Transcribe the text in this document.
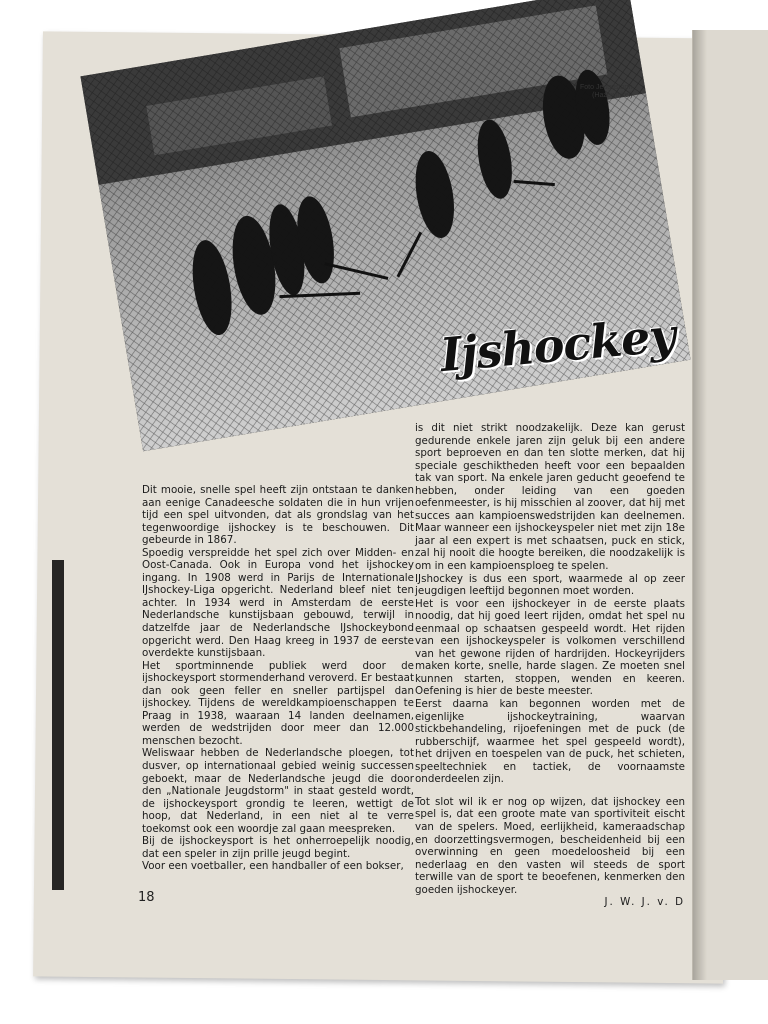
Foto Jeugdstorm
(Hazewinkel)
Ijshockey

Dit mooie, snelle spel heeft zijn ontstaan te danken aan eenige Canadeesche soldaten die in hun vrijen tijd een spel uitvonden, dat als grondslag van het tegenwoordige ijshockey is te beschouwen. Dit gebeurde in 1867.

Spoedig verspreidde het spel zich over Midden- en Oost-Canada. Ook in Europa vond het ijshockey ingang. In 1908 werd in Parijs de Internationale IJshockey-Liga opgericht. Nederland bleef niet ten achter. In 1934 werd in Amsterdam de eerste Nederlandsche kunstijsbaan gebouwd, terwijl in datzelfde jaar de Nederlandsche IJshockeybond opgericht werd. Den Haag kreeg in 1937 de eerste overdekte kunstijsbaan.

Het sportminnende publiek werd door de ijshockeysport stormenderhand veroverd. Er bestaat dan ook geen feller en sneller partijspel dan ijshockey. Tijdens de wereldkampioenschappen te Praag in 1938, waaraan 14 landen deelnamen, werden de wedstrijden door meer dan 12.000 menschen bezocht.

Weliswaar hebben de Nederlandsche ploegen, tot dusver, op internationaal gebied weinig successen geboekt, maar de Nederlandsche jeugd die door den „Nationale Jeugdstorm" in staat gesteld wordt, de ijshockeysport grondig te leeren, wettigt de hoop, dat Nederland, in een niet al te verre toekomst ook een woordje zal gaan meespreken.

Bij de ijshockeysport is het onherroepelijk noodig, dat een speler in zijn prille jeugd begint.

Voor een voetballer, een handballer of een bokser,

is dit niet strikt noodzakelijk. Deze kan gerust gedurende enkele jaren zijn geluk bij een andere sport beproeven en dan ten slotte merken, dat hij speciale geschiktheden heeft voor een bepaalden tak van sport. Na enkele jaren geducht geoefend te hebben, onder leiding van een goeden oefenmeester, is hij misschien al zoover, dat hij met succes aan kampioenswedstrijden kan deelnemen. Maar wanneer een ijshockeyspeler niet met zijn 18e jaar al een expert is met schaatsen, puck en stick, zal hij nooit die hoogte bereiken, die noodzakelijk is om in een kampioensploeg te spelen.

IJshockey is dus een sport, waarmede al op zeer jeugdigen leeftijd begonnen moet worden.

Het is voor een ijshockeyer in de eerste plaats noodig, dat hij goed leert rijden, omdat het spel nu eenmaal op schaatsen gespeeld wordt. Het rijden van een ijshockeyspeler is volkomen verschillend van het gewone rijden of hardrijden. Hockeyrijders maken korte, snelle, harde slagen. Ze moeten snel kunnen starten, stoppen, wenden en keeren. Oefening is hier de beste meester.

Eerst daarna kan begonnen worden met de eigenlijke ijshockeytraining, waarvan stickbehandeling, rijoefeningen met de puck (de rubberschijf, waarmee het spel gespeeld wordt), het drijven en toespelen van de puck, het schieten, speeltechniek en tactiek, de voornaamste onderdeelen zijn.

Tot slot wil ik er nog op wijzen, dat ijshockey een spel is, dat een groote mate van sportiviteit eischt van de spelers. Moed, eerlijkheid, kameraadschap en doorzettingsvermogen, bescheidenheid bij een overwinning en geen moedeloosheid bij een nederlaag en den vasten wil steeds de sport terwille van de sport te beoefenen, kenmerken den goeden ijshockeyer.

J. W. J. v. D

18
